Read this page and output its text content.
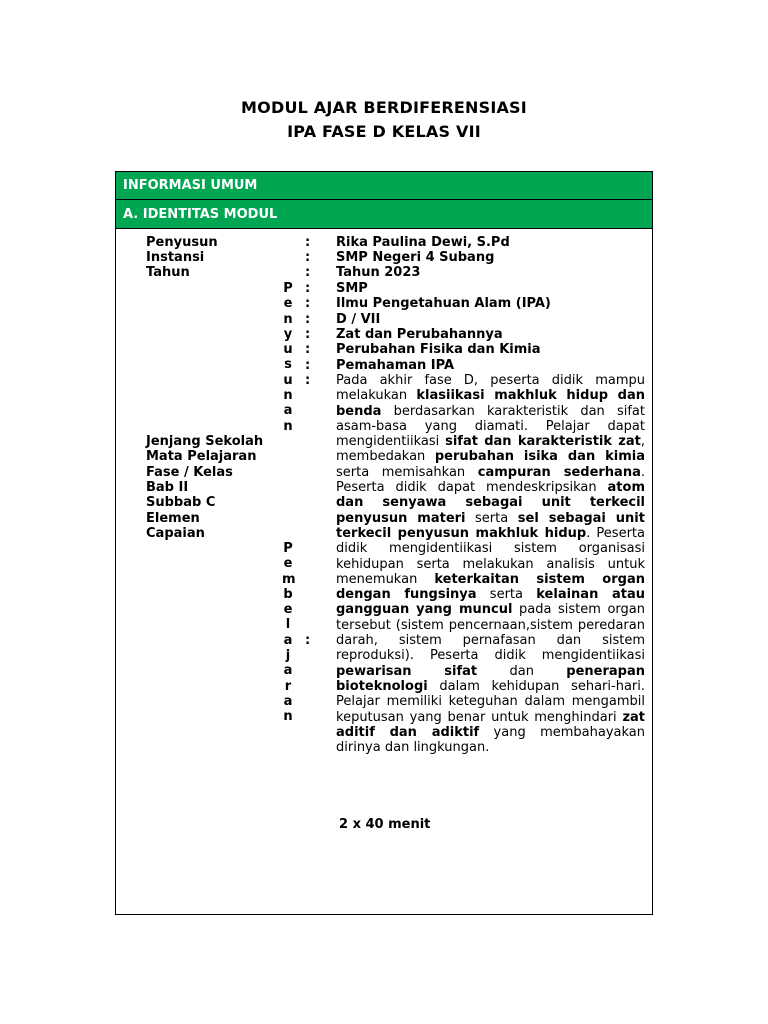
MODUL AJAR BERDIFERENSIASI
IPA FASE D KELAS VII
INFORMASI UMUM
A. IDENTITAS MODUL
Penyusun
Instansi
Tahun
Jenjang Sekolah
Mata Pelajaran
Fase / Kelas
Bab II
Subbab C
Elemen
Capaian
P
e
n
y
u
s
u
n
a
n
P
e
m
b
e
l
a
j
a
r
a
n
:
:
:
:
:
:
:
:
:
:
:
Rika Paulina Dewi, S.Pd
SMP Negeri 4 Subang
Tahun 2023
SMP
Ilmu Pengetahuan Alam (IPA)
D / VII
Zat dan Perubahannya
Perubahan Fisika dan Kimia
Pemahaman IPA
Pada akhir fase D, peserta didik mampu melakukan klasiikasi makhluk hidup dan benda berdasarkan karakteristik dan sifat asam-basa yang diamati. Pelajar dapat mengidentiikasi sifat dan karakteristik zat, membedakan perubahan isika dan kimia serta memisahkan campuran sederhana. Peserta didik dapat mendeskripsikan atom dan senyawa sebagai unit terkecil penyusun materi serta sel sebagai unit terkecil penyusun makhluk hidup. Peserta didik mengidentiikasi sistem organisasi kehidupan serta melakukan analisis untuk menemukan keterkaitan sistem organ dengan fungsinya serta kelainan atau gangguan yang muncul pada sistem organ tersebut (sistem pencernaan,sistem peredaran darah, sistem pernafasan dan sistem reproduksi). Peserta didik mengidentiikasi pewarisan sifat dan penerapan bioteknologi dalam kehidupan sehari-hari. Pelajar memiliki keteguhan dalam mengambil keputusan yang benar untuk menghindari zat aditif dan adiktif yang membahayakan dirinya dan lingkungan.
2 x 40 menit
